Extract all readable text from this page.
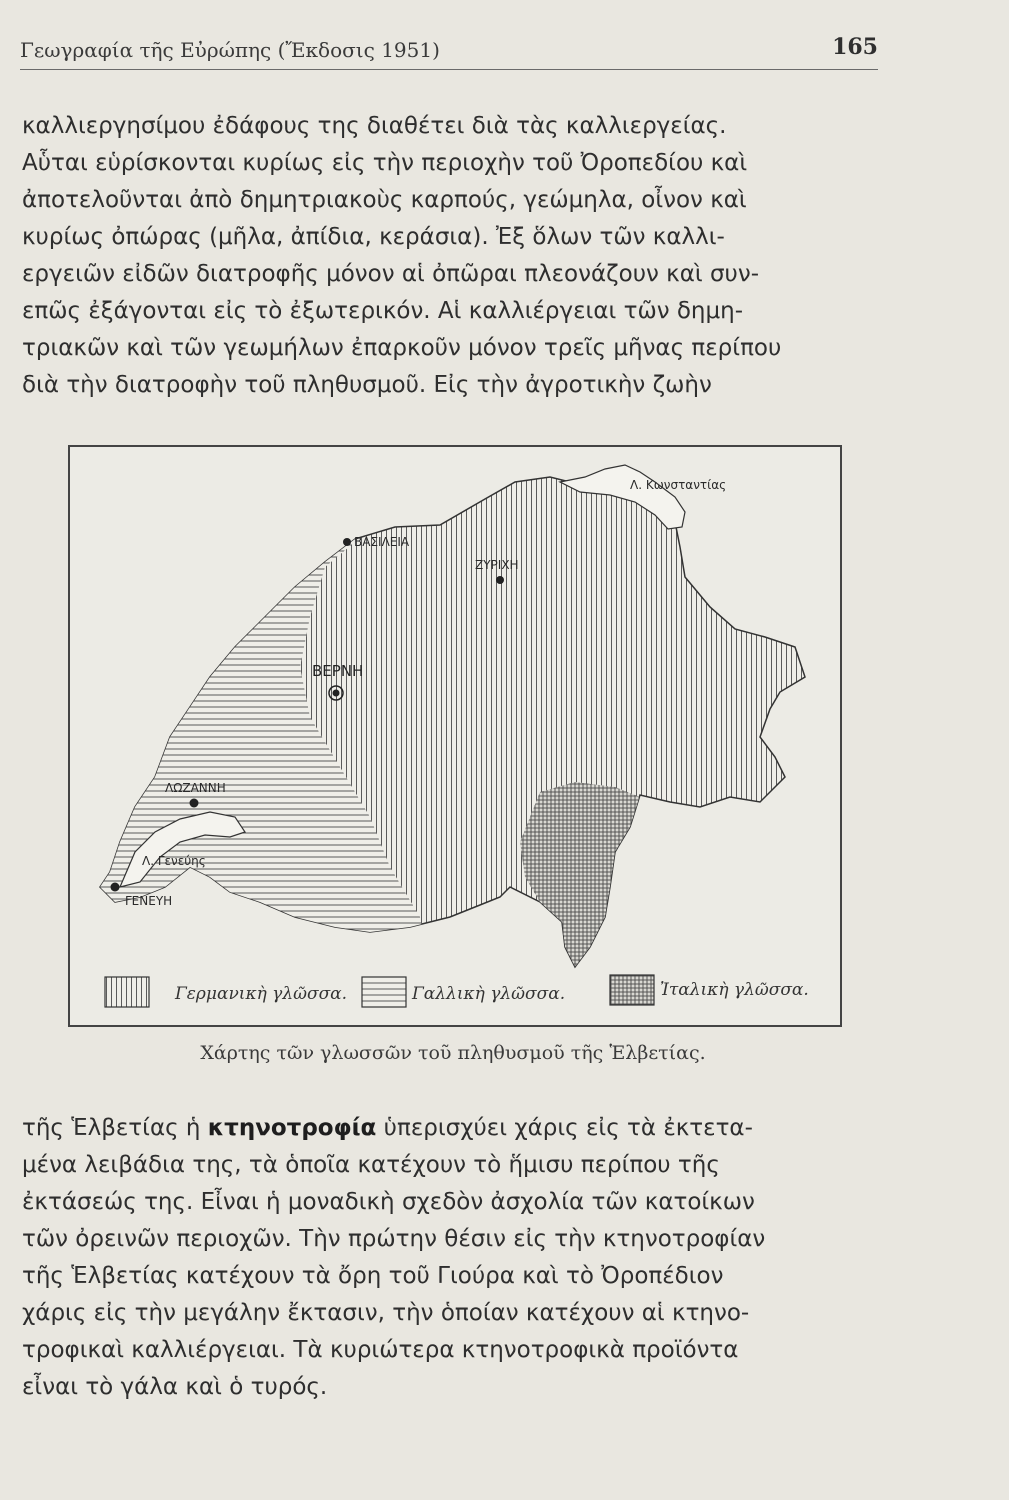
Γεωγραφία τῆς Εὐρώπης (Ἔκδοσις 1951)	165

καλλιεργησίμου ἐδάφους της διαθέτει διὰ τὰς καλλιεργείας.

Αὗται εὑρίσκονται κυρίως εἰς τὴν περιοχὴν τοῦ Ὀροπεδίου καὶ

ἀποτελοῦνται ἀπὸ δημητριακοὺς καρπούς, γεώμηλα, οἶνον καὶ

κυρίως ὀπώρας (μῆλα, ἀπίδια, κεράσια). Ἐξ ὅλων τῶν καλλι-

εργειῶν εἰδῶν διατροφῆς μόνον αἱ ὀπῶραι πλεονάζουν καὶ συν-

επῶς ἐξάγονται εἰς τὸ ἐξωτερικόν. Αἱ καλλιέργειαι τῶν δημη-

τριακῶν καὶ τῶν γεωμήλων ἐπαρκοῦν μόνον τρεῖς μῆνας περίπου

διὰ τὴν διατροφὴν τοῦ πληθυσμοῦ. Εἰς τὴν ἀγροτικὴν ζωὴν

Λ. Κωνσταντίας
Λ. Γενεύης
ΒΑΣΙΛΕΙΑ
ΖΥΡΙΧΗ
ΒΕΡΝΗ
ΛΩΖΑΝΝΗ
ΓΕΝΕΥΗ
Γερμανικὴ γλῶσσα.	Γαλλικὴ γλῶσσα.	Ἰταλικὴ γλῶσσα.
Χάρτης τῶν γλωσσῶν τοῦ πληθυσμοῦ τῆς Ἑλβετίας.

τῆς Ἑλβετίας ἡ κτηνοτροφία ὑπερισχύει χάρις εἰς τὰ ἐκτετα-

μένα λειβάδια της, τὰ ὁποῖα κατέχουν τὸ ἥμισυ περίπου τῆς

ἐκτάσεώς της. Εἶναι ἡ μοναδικὴ σχεδὸν ἀσχολία τῶν κατοίκων

τῶν ὀρεινῶν περιοχῶν. Τὴν πρώτην θέσιν εἰς τὴν κτηνοτροφίαν

τῆς Ἑλβετίας κατέχουν τὰ ὄρη τοῦ Γιούρα καὶ τὸ Ὀροπέδιον

χάρις εἰς τὴν μεγάλην ἔκτασιν, τὴν ὁποίαν κατέχουν αἱ κτηνο-

τροφικαὶ καλλιέργειαι. Τὰ κυριώτερα κτηνοτροφικὰ προϊόντα

εἶναι τὸ γάλα καὶ ὁ τυρός.
